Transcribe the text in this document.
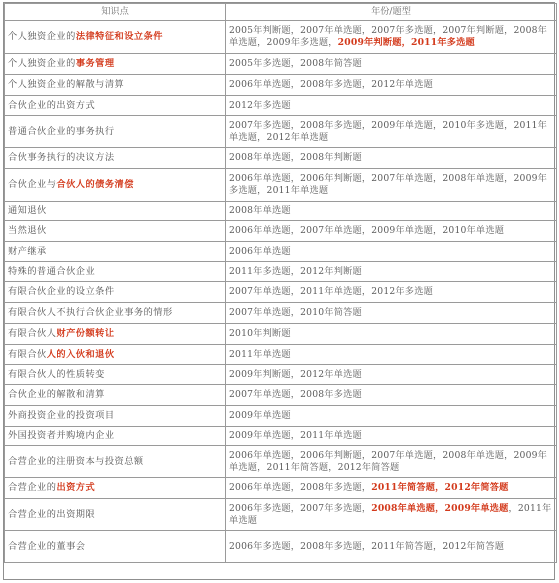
知识点	年份/题型
个人独资企业的法律特征和设立条件	2005年判断题，2007年单选题，2007年多选题，2007年判断题，2008年单选题，2009年多选题，2009年判断题，2011年多选题
个人独资企业的事务管理	2005年多选题，2008年简答题
个人独资企业的解散与清算	2006年单选题，2008年多选题，2012年单选题
合伙企业的出资方式	2012年多选题
普通合伙企业的事务执行	2007年多选题，2008年多选题，2009年单选题，2010年多选题，2011年单选题，2012年单选题
合伙事务执行的决议方法	2008年单选题，2008年判断题
合伙企业与合伙人的债务清偿	2006年单选题，2006年判断题，2007年单选题，2008年单选题，2009年多选题，2011年单选题
通知退伙	2008年单选题
当然退伙	2006年单选题，2007年单选题，2009年单选题，2010年单选题
财产继承	2006年单选题
特殊的普通合伙企业	2011年多选题，2012年判断题
有限合伙企业的设立条件	2007年单选题，2011年单选题，2012年多选题
有限合伙人不执行合伙企业事务的情形	2007年单选题，2010年简答题
有限合伙人财产份额转让	2010年判断题
有限合伙人的入伙和退伙	2011年单选题
有限合伙人的性质转变	2009年判断题，2012年单选题
合伙企业的解散和清算	2007年单选题，2008年多选题
外商投资企业的投资项目	2009年单选题
外国投资者并购境内企业	2009年单选题，2011年单选题
合营企业的注册资本与投资总额	2006年单选题，2006年判断题，2007年单选题，2008年单选题，2009年单选题，2011年简答题，2012年简答题
合营企业的出资方式	2006年单选题，2008年多选题，2011年简答题，2012年简答题
合营企业的出资期限	2006年多选题，2007年多选题，2008年单选题，2009年单选题，2011年单选题
合营企业的董事会	2006年多选题，2008年多选题，2011年简答题，2012年简答题
